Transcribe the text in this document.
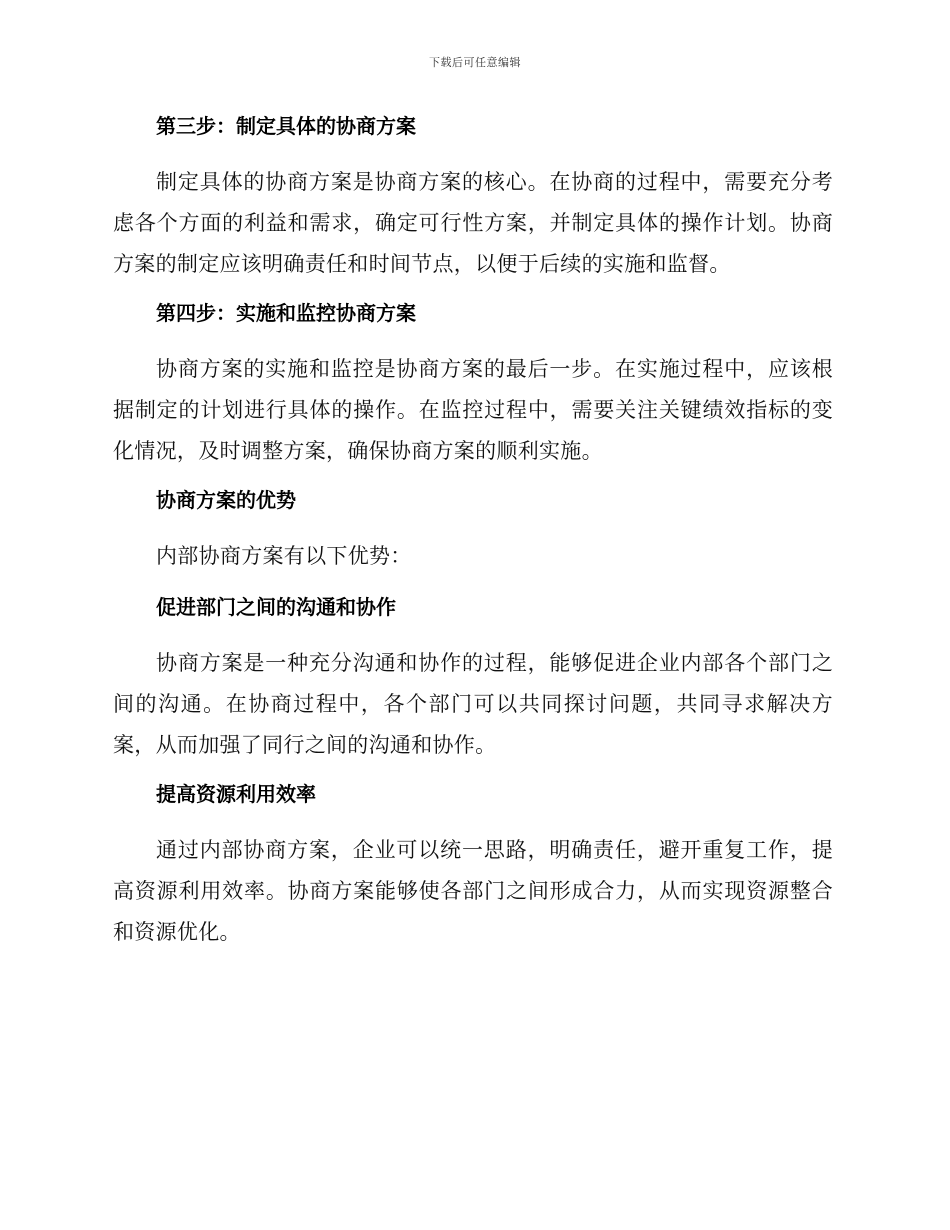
下载后可任意编辑
第三步：制定具体的协商方案

制定具体的协商方案是协商方案的核心。在协商的过程中，需要充分考虑各个方面的利益和需求，确定可行性方案，并制定具体的操作计划。协商方案的制定应该明确责任和时间节点，以便于后续的实施和监督。

第四步：实施和监控协商方案

协商方案的实施和监控是协商方案的最后一步。在实施过程中，应该根据制定的计划进行具体的操作。在监控过程中，需要关注关键绩效指标的变化情况，及时调整方案，确保协商方案的顺利实施。

协商方案的优势

内部协商方案有以下优势：

促进部门之间的沟通和协作

协商方案是一种充分沟通和协作的过程，能够促进企业内部各个部门之间的沟通。在协商过程中，各个部门可以共同探讨问题，共同寻求解决方案，从而加强了同行之间的沟通和协作。

提高资源利用效率

通过内部协商方案，企业可以统一思路，明确责任，避开重复工作，提高资源利用效率。协商方案能够使各部门之间形成合力，从而实现资源整合和资源优化。
